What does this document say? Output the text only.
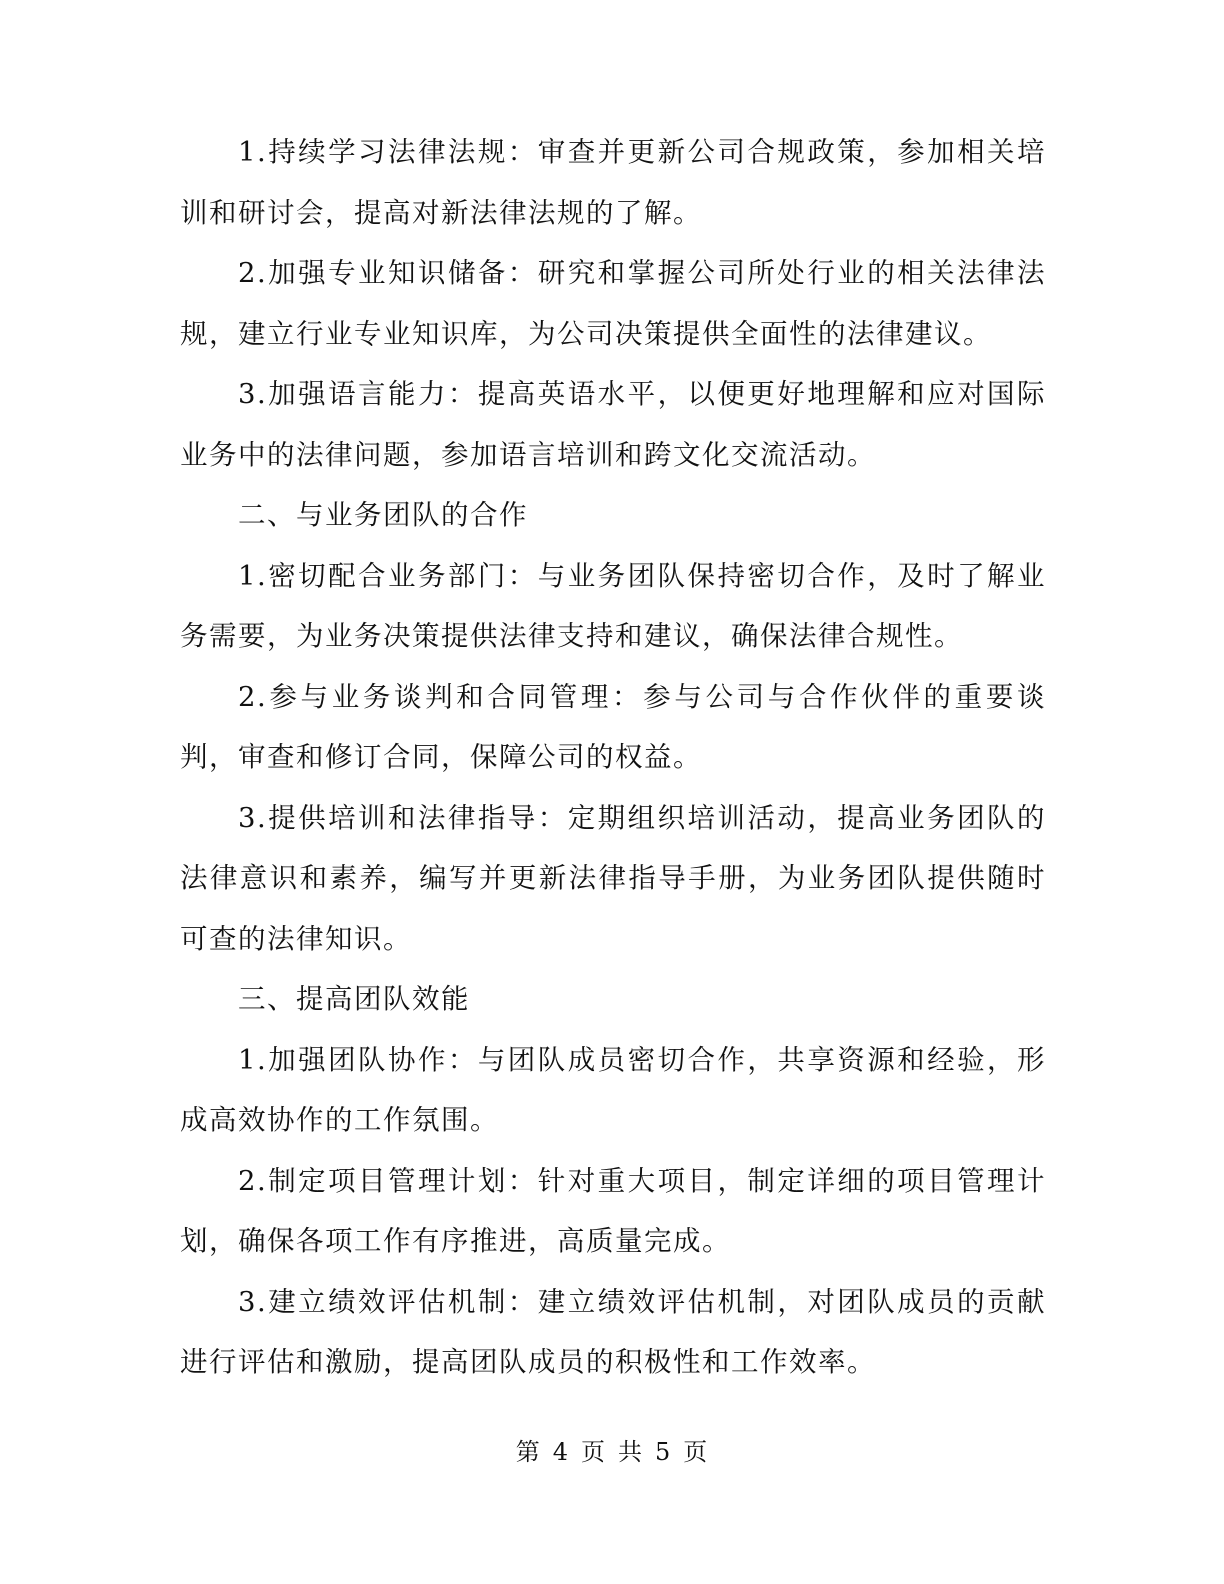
1.持续学习法律法规：审查并更新公司合规政策，参加相关培训和研讨会，提高对新法律法规的了解。

2.加强专业知识储备：研究和掌握公司所处行业的相关法律法规，建立行业专业知识库，为公司决策提供全面性的法律建议。

3.加强语言能力：提高英语水平，以便更好地理解和应对国际业务中的法律问题，参加语言培训和跨文化交流活动。

二、与业务团队的合作

1.密切配合业务部门：与业务团队保持密切合作，及时了解业务需要，为业务决策提供法律支持和建议，确保法律合规性。

2.参与业务谈判和合同管理：参与公司与合作伙伴的重要谈判，审查和修订合同，保障公司的权益。

3.提供培训和法律指导：定期组织培训活动，提高业务团队的法律意识和素养，编写并更新法律指导手册，为业务团队提供随时可查的法律知识。

三、提高团队效能

1.加强团队协作：与团队成员密切合作，共享资源和经验，形成高效协作的工作氛围。

2.制定项目管理计划：针对重大项目，制定详细的项目管理计划，确保各项工作有序推进，高质量完成。

3.建立绩效评估机制：建立绩效评估机制，对团队成员的贡献进行评估和激励，提高团队成员的积极性和工作效率。

第 4 页 共 5 页
